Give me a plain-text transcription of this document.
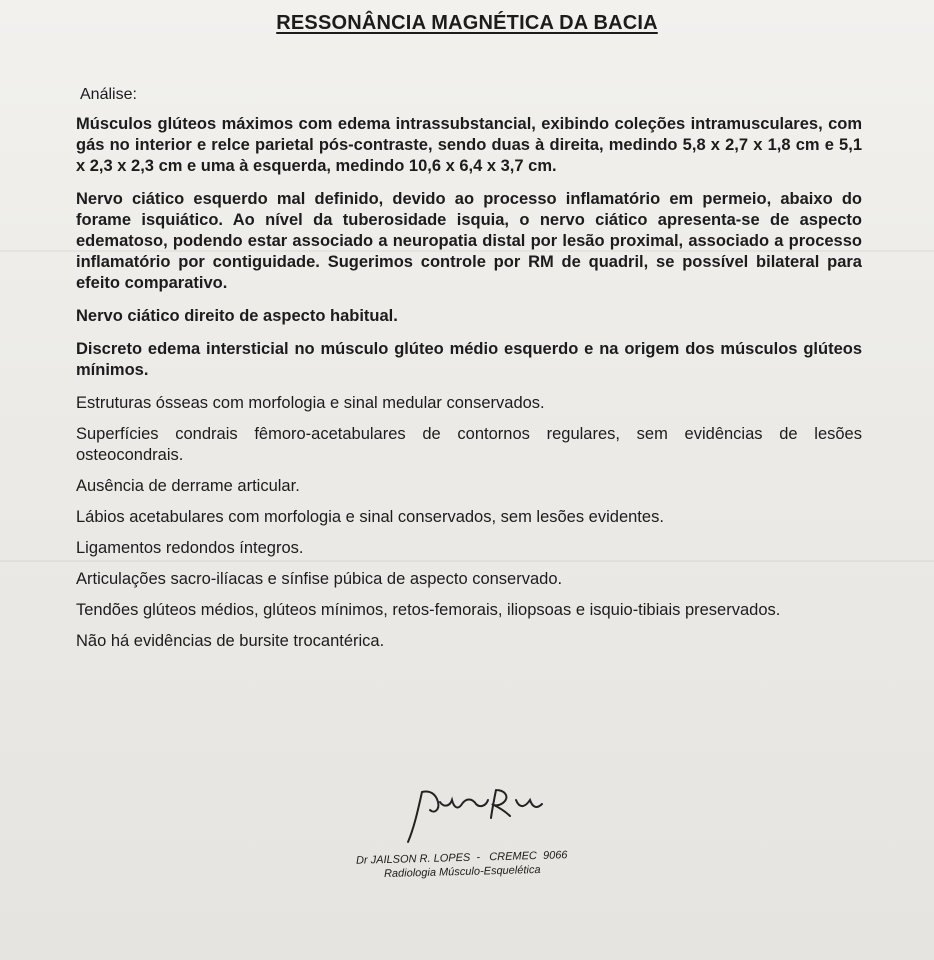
RESSONÂNCIA MAGNÉTICA DA BACIA
Análise:

Músculos glúteos máximos com edema intrassubstancial, exibindo coleções intramusculares, com gás no interior e relce parietal pós-contraste, sendo duas à direita, medindo 5,8 x 2,7 x 1,8 cm e 5,1 x 2,3 x 2,3 cm e uma à esquerda, medindo 10,6 x 6,4 x 3,7 cm.

Nervo ciático esquerdo mal definido, devido ao processo inflamatório em permeio, abaixo do forame isquiático. Ao nível da tuberosidade isquia, o nervo ciático apresenta-se de aspecto edematoso, podendo estar associado a neuropatia distal por lesão proximal, associado a processo inflamatório por contiguidade. Sugerimos controle por RM de quadril, se possível bilateral para efeito comparativo.

Nervo ciático direito de aspecto habitual.

Discreto edema intersticial no músculo glúteo médio esquerdo e na origem dos músculos glúteos mínimos.

Estruturas ósseas com morfologia e sinal medular conservados.

Superfícies condrais fêmoro-acetabulares de contornos regulares, sem evidências de lesões osteocondrais.

Ausência de derrame articular.

Lábios acetabulares com morfologia e sinal conservados, sem lesões evidentes.

Ligamentos redondos íntegros.

Articulações sacro-ilíacas e sínfise púbica de aspecto conservado.

Tendões glúteos médios, glúteos mínimos, retos-femorais, iliopsoas e isquio-tibiais preservados.

Não há evidências de bursite trocantérica.

Dr JAILSON R. LOPES  -   CREMEC  9066
Radiologia Músculo-Esquelética
